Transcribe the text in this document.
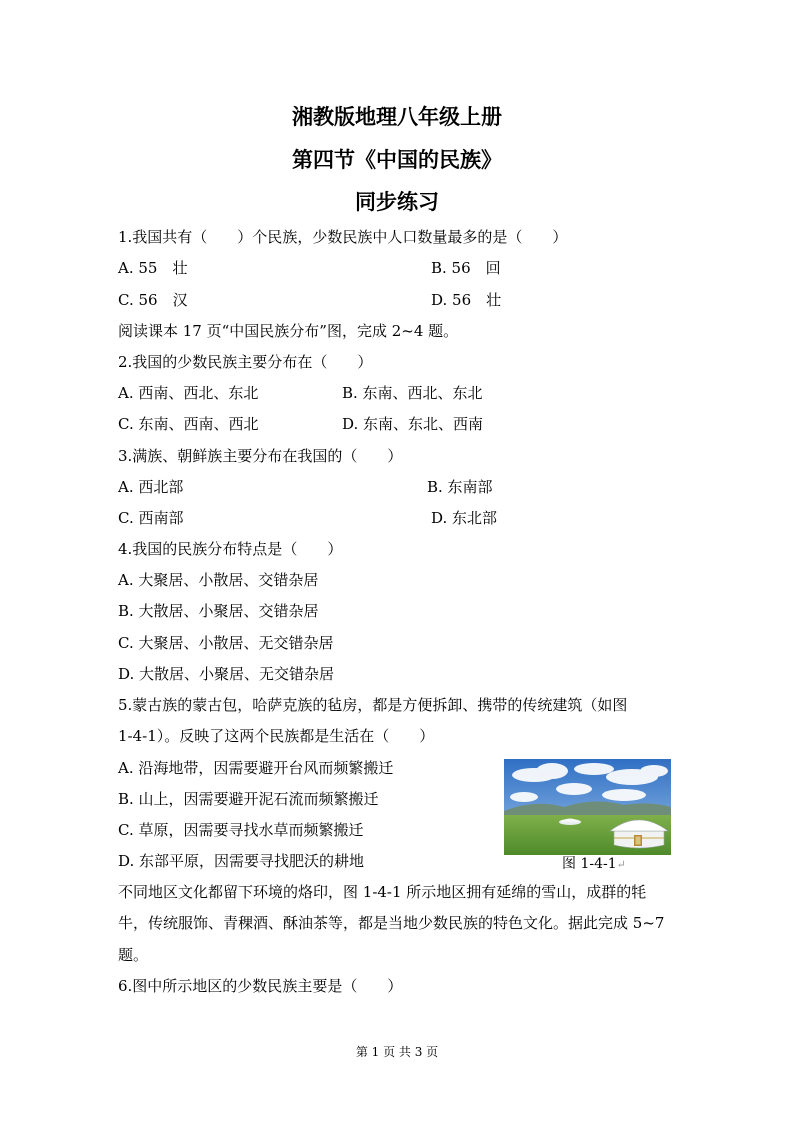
湘教版地理八年级上册
第四节《中国的民族》
同步练习
1.我国共有（　　）个民族，少数民族中人口数量最多的是（　　）
A. 55　壮	B. 56　回
C. 56　汉	D. 56　壮
阅读课本 17 页“中国民族分布”图，完成 2~4 题。
2.我国的少数民族主要分布在（　　）
A. 西南、西北、东北	B. 东南、西北、东北
C. 东南、西南、西北	D. 东南、东北、西南
3.满族、朝鲜族主要分布在我国的（　　）
A. 西北部	B. 东南部
C. 西南部	D. 东北部
4.我国的民族分布特点是（　　）
A. 大聚居、小散居、交错杂居
B. 大散居、小聚居、交错杂居
C. 大聚居、小散居、无交错杂居
D. 大散居、小聚居、无交错杂居
5.蒙古族的蒙古包，哈萨克族的毡房，都是方便拆卸、携带的传统建筑（如图
1-4-1）。反映了这两个民族都是生活在（　　）
A. 沿海地带，因需要避开台风而频繁搬迁
B. 山上，因需要避开泥石流而频繁搬迁
C. 草原，因需要寻找水草而频繁搬迁
D. 东部平原，因需要寻找肥沃的耕地	图 1-4-1↵
不同地区文化都留下环境的烙印，图 1-4-1 所示地区拥有延绵的雪山，成群的牦
牛，传统服饰、青稞酒、酥油茶等，都是当地少数民族的特色文化。据此完成 5~7
题。
6.图中所示地区的少数民族主要是（　　）
第 1 页 共 3 页
